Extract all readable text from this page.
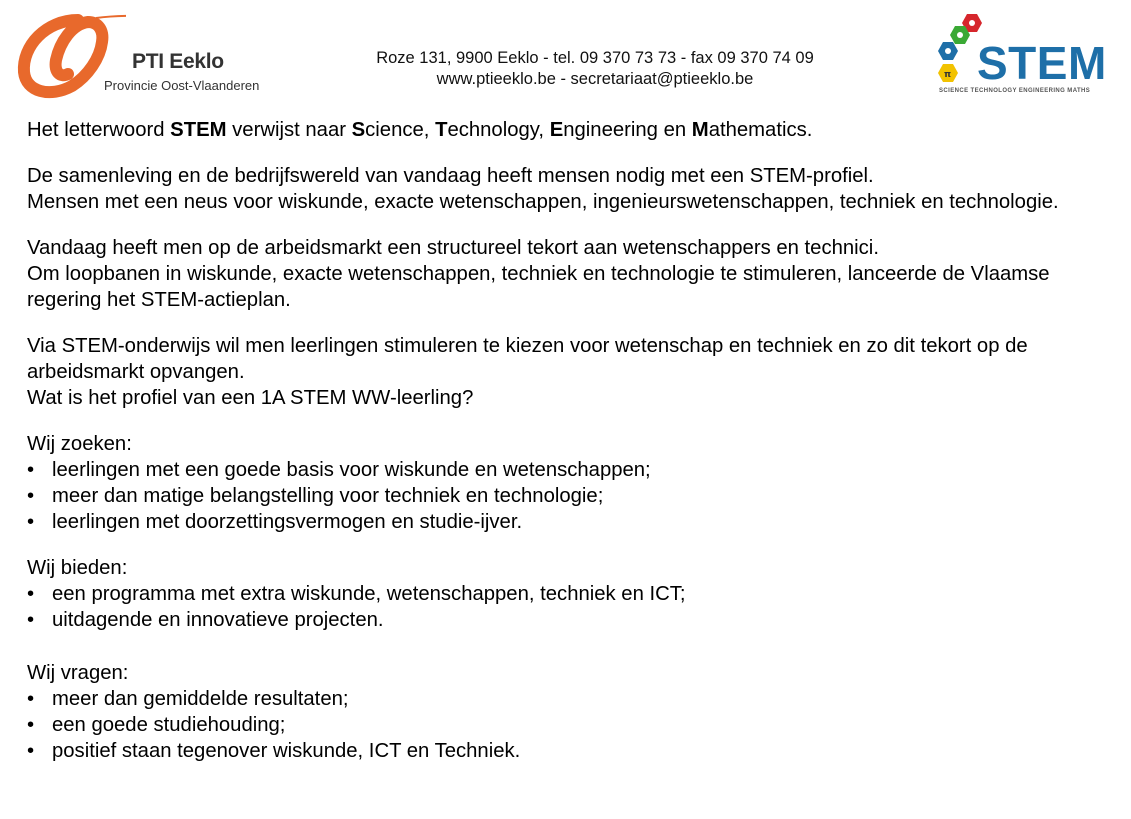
PTI Eeklo
Provincie Oost-Vlaanderen
Roze 131, 9900 Eeklo - tel. 09 370 73 73 - fax 09 370 74 09
www.ptieeklo.be - secretariaat@ptieeklo.be	π STEM
SCIENCE TECHNOLOGY ENGINEERING MATHS

Het letterwoord STEM verwijst naar Science, Technology, Engineering en Mathematics.

De samenleving en de bedrijfswereld van vandaag heeft mensen nodig met een STEM-profiel.
Mensen met een neus voor wiskunde, exacte wetenschappen, ingenieurswetenschappen, techniek en technologie.

Vandaag heeft men op de arbeidsmarkt een structureel tekort aan wetenschappers en technici.
Om loopbanen in wiskunde, exacte wetenschappen, techniek en technologie te stimuleren, lanceerde de Vlaamse regering het STEM-actieplan.

Via STEM-onderwijs wil men leerlingen stimuleren te kiezen voor wetenschap en techniek en zo dit tekort op de arbeidsmarkt opvangen.
Wat is het profiel van een 1A STEM WW-leerling?

Wij zoeken:

• leerlingen met een goede basis voor wiskunde en wetenschappen;
• meer dan matige belangstelling voor techniek en technologie;
• leerlingen met doorzettingsvermogen en studie-ijver.

Wij bieden:

• een programma met extra wiskunde, wetenschappen, techniek en ICT;
• uitdagende en innovatieve projecten.

Wij vragen:

• meer dan gemiddelde resultaten;
• een goede studiehouding;
• positief staan tegenover wiskunde, ICT en Techniek.
